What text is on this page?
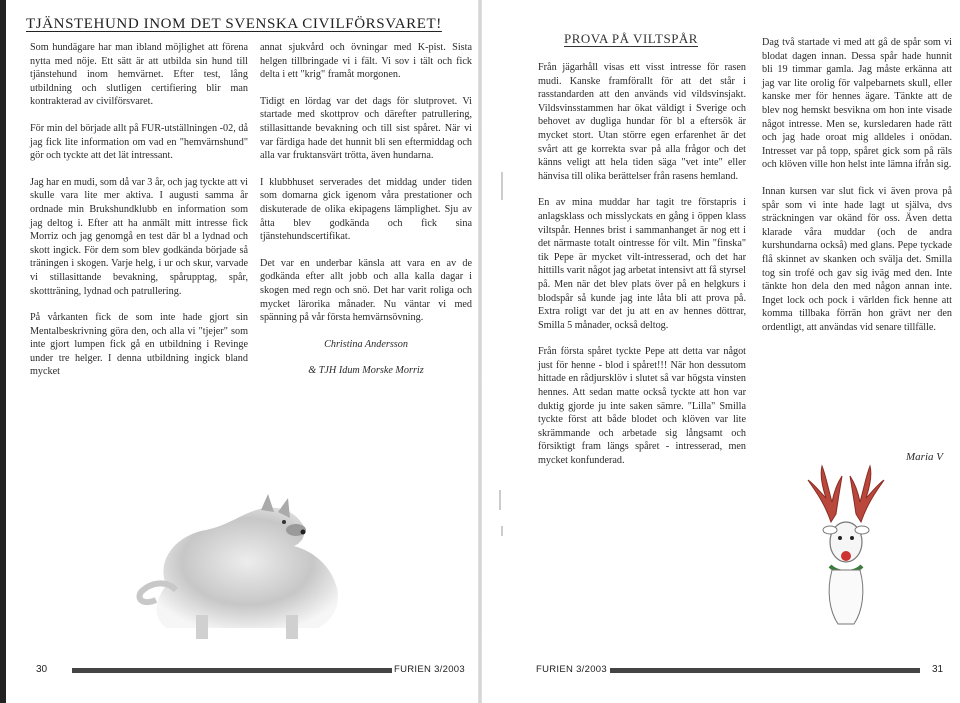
TJÄNSTEHUND INOM DET SVENSKA CIVILFÖRSVARET!

Som hundägare har man ibland möjlighet att förena nytta med nöje. Ett sätt är att utbilda sin hund till tjänstehund inom hemvärnet. Efter test, lång utbildning och slutligen certifiering blir man kontrakterad av civilförsvaret.

För min del började allt på FUR-utställningen -02, då jag fick lite information om vad en "hemvärnshund" gör och tyckte att det lät intressant.

Jag har en mudi, som då var 3 år, och jag tyckte att vi skulle vara lite mer aktiva. I augusti samma år ordnade min Brukshundklubb en information som jag deltog i. Efter att ha anmält mitt intresse fick Morriz och jag genomgå en test där bl a lydnad och skott ingick. För dem som blev godkända började så träningen i skogen. Varje helg, i ur och skur, varvade vi stillasittande bevakning, spårupptag, spår, skottträning, lydnad och patrullering.

På vårkanten fick de som inte hade gjort sin Mentalbeskrivning göra den, och alla vi "tjejer" som inte gjort lumpen fick gå en utbildning i Revinge under tre helger. I denna utbildning ingick bland mycket

annat sjukvård och övningar med K-pist. Sista helgen tillbringade vi i fält. Vi sov i tält och fick delta i ett "krig" framåt morgonen.

Tidigt en lördag var det dags för slutprovet. Vi startade med skottprov och därefter patrullering, stillasittande bevakning och till sist spåret. När vi var färdiga hade det hunnit bli sen eftermiddag och alla var fruktansvärt trötta, även hundarna.

I klubbhuset serverades det middag under tiden som domarna gick igenom våra prestationer och diskuterade de olika ekipagens lämplighet. Sju av åtta blev godkända och fick sina tjänstehundscertifikat.

Det var en underbar känsla att vara en av de godkända efter allt jobb och alla kalla dagar i skogen med regn och snö. Det har varit roliga och mycket lärorika månader. Nu väntar vi med spänning på vår första hemvärnsövning.

Christina Andersson

& TJH Idum Morske Morriz

30	FURIEN 3/2003
PROVA PÅ VILTSPÅR

Från jägarhåll visas ett visst intresse för rasen mudi. Kanske framförallt för att det står i rasstandarden att den används vid vildsvinsjakt. Vildsvinsstammen har ökat väldigt i Sverige och behovet av dugliga hundar för bl a eftersök är mycket stort. Utan större egen erfarenhet är det svårt att ge korrekta svar på alla frågor och det känns veligt att hela tiden säga "vet inte" eller hänvisa till olika berättelser från rasens hemland.

En av mina muddar har tagit tre förstapris i anlagsklass och misslyckats en gång i öppen klass viltspår. Hennes brist i sammanhanget är nog ett i det närmaste totalt ointresse för vilt. Min "finska" tik Pepe är mycket vilt-intresserad, och det har hittills varit något jag arbetat intensivt att få styrsel på. Men när det blev plats över på en helgkurs i blodspår så kunde jag inte låta bli att prova på. Extra roligt var det ju att en av hennes döttrar, Smilla 5 månader, också deltog.

Från första spåret tyckte Pepe att detta var något just för henne - blod i spåret!!! När hon dessutom hittade en rådjursklöv i slutet så var högsta vinsten hennes. Att sedan matte också tyckte att hon var duktig gjorde ju inte saken sämre. "Lilla" Smilla tyckte först att både blodet och klöven var lite skrämmande och arbetade sig långsamt och försiktigt fram längs spåret - intresserad, men mycket konfunderad.

Dag två startade vi med att gå de spår som vi blodat dagen innan. Dessa spår hade hunnit bli 19 timmar gamla. Jag måste erkänna att jag var lite orolig för valpebarnets skull, eller kanske mer för hennes ägare. Tänkte att de blev nog hemskt besvikna om hon inte visade något intresse. Men se, kursledaren hade rätt och jag hade oroat mig alldeles i onödan. Intresset var på topp, spåret gick som på räls och klöven ville hon helst inte lämna ifrån sig.

Innan kursen var slut fick vi även prova på spår som vi inte hade lagt ut själva, dvs sträckningen var okänd för oss. Även detta klarade våra muddar (och de andra kurshundarna också) med glans. Pepe tyckade flå skinnet av skanken och svälja det. Smilla tog sin trofé och gav sig iväg med den. Inte tänkte hon dela den med någon annan inte. Inget lock och pock i världen fick henne att komma tillbaka förrän hon grävt ner den ordentligt, att användas vid senare tillfälle.

Maria V
FURIEN 3/2003	31
